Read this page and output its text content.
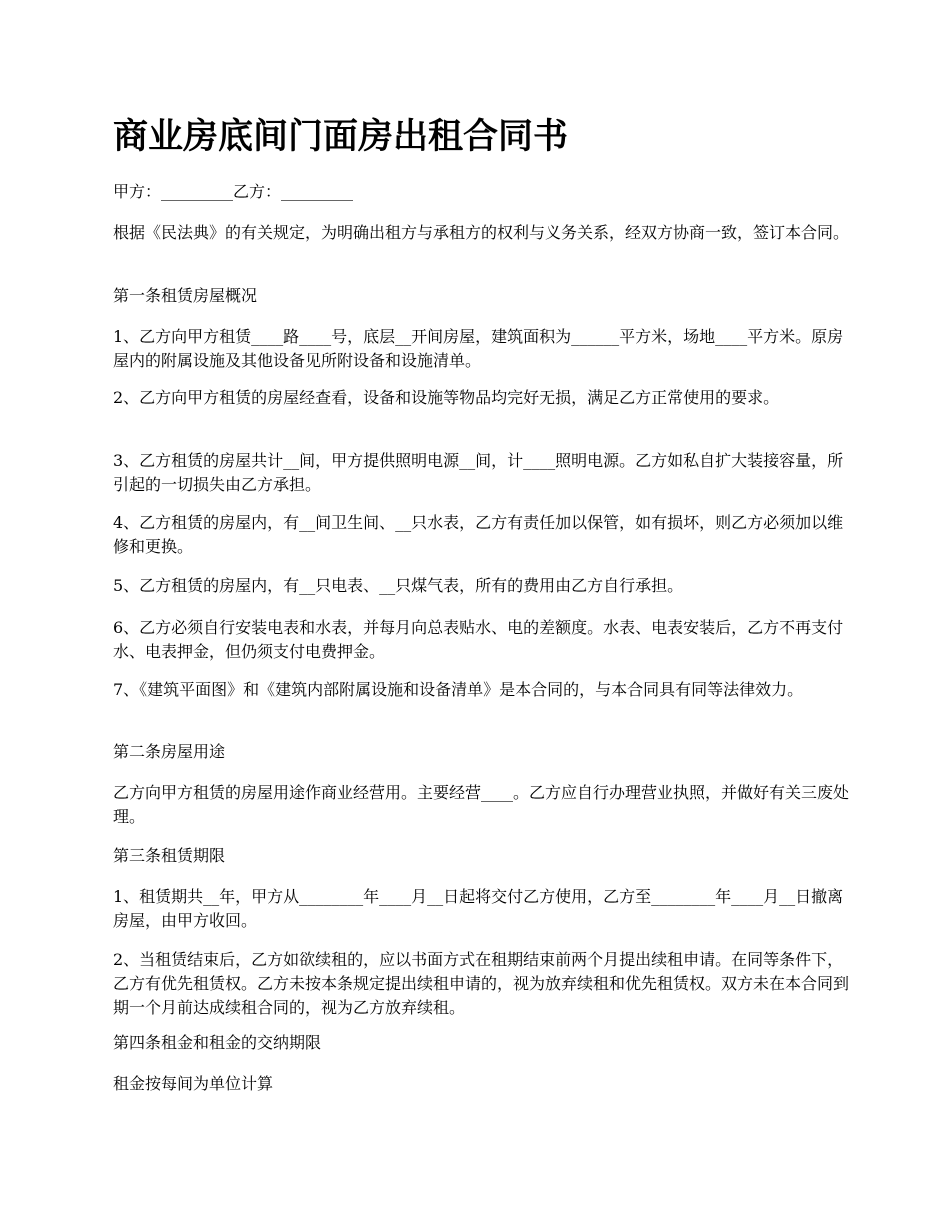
商业房底间门面房出租合同书

甲方：_________乙方：_________

根据《民法典》的有关规定，为明确出租方与承租方的权利与义务关系，经双方协商一致，签订本合同。

第一条租赁房屋概况

1、乙方向甲方租赁____路____号，底层__开间房屋，建筑面积为______平方米，场地____平方米。原房屋内的附属设施及其他设备见所附设备和设施清单。

2、乙方向甲方租赁的房屋经查看，设备和设施等物品均完好无损，满足乙方正常使用的要求。

3、乙方租赁的房屋共计__间，甲方提供照明电源__间，计____照明电源。乙方如私自扩大装接容量，所引起的一切损失由乙方承担。

4、乙方租赁的房屋内，有__间卫生间、__只水表，乙方有责任加以保管，如有损坏，则乙方必须加以维修和更换。

5、乙方租赁的房屋内，有__只电表、__只煤气表，所有的费用由乙方自行承担。

6、乙方必须自行安装电表和水表，并每月向总表贴水、电的差额度。水表、电表安装后，乙方不再支付水、电表押金，但仍须支付电费押金。

7、《建筑平面图》和《建筑内部附属设施和设备清单》是本合同的，与本合同具有同等法律效力。

第二条房屋用途

乙方向甲方租赁的房屋用途作商业经营用。主要经营____。乙方应自行办理营业执照，并做好有关三废处理。

第三条租赁期限

1、租赁期共__年，甲方从________年____月__日起将交付乙方使用，乙方至________年____月__日撤离房屋，由甲方收回。

2、当租赁结束后，乙方如欲续租的，应以书面方式在租期结束前两个月提出续租申请。在同等条件下，乙方有优先租赁权。乙方未按本条规定提出续租申请的，视为放弃续租和优先租赁权。双方未在本合同到期一个月前达成续租合同的，视为乙方放弃续租。

第四条租金和租金的交纳期限

租金按每间为单位计算
